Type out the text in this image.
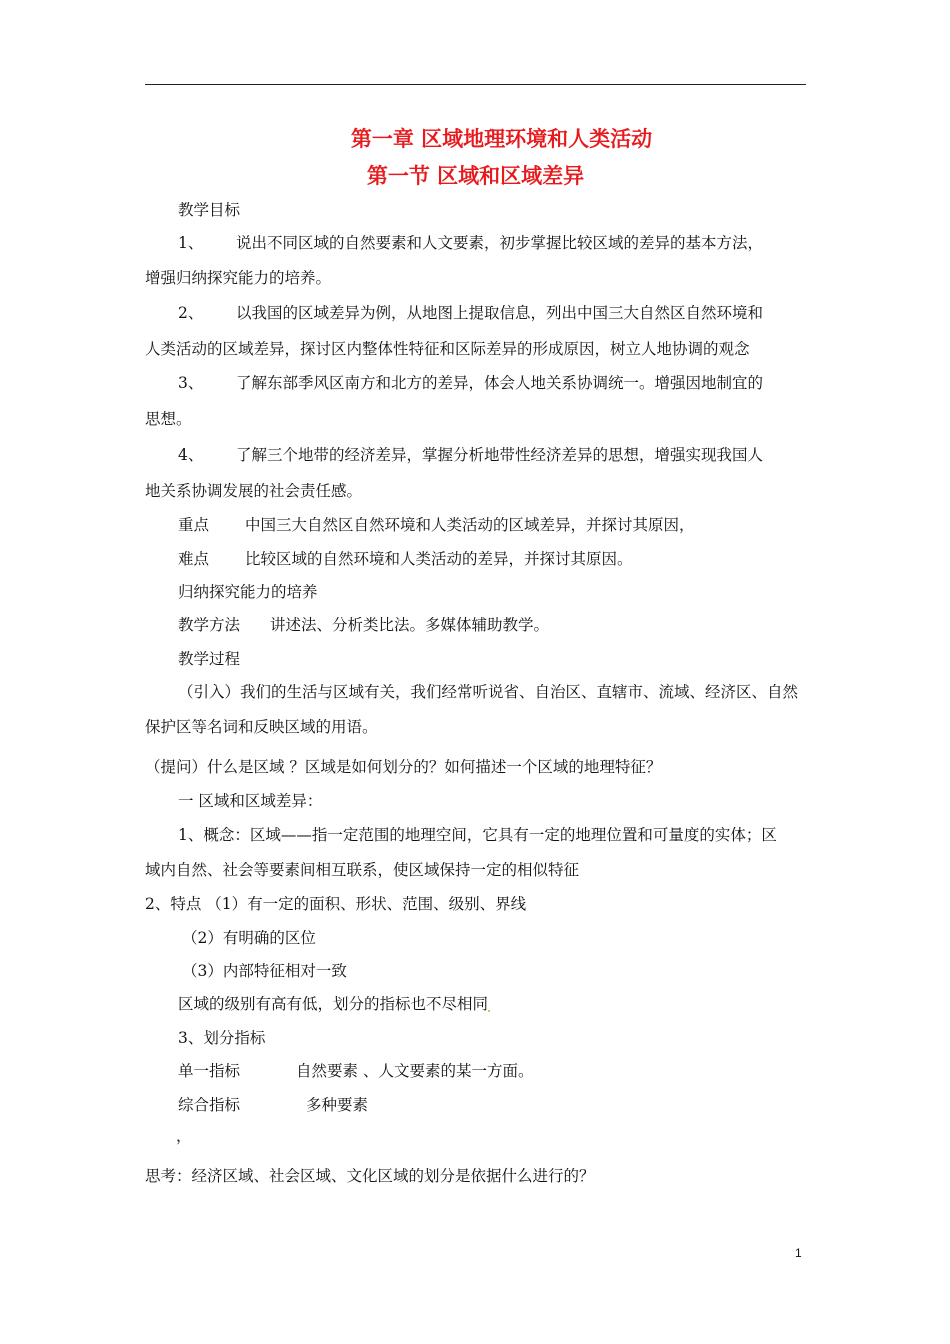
第一章 区域地理环境和人类活动
第一节 区域和区域差异
教学目标
1、 说出不同区域的自然要素和人文要素，初步掌握比较区域的差异的基本方法，
增强归纳探究能力的培养。
2、 以我国的区域差异为例，从地图上提取信息，列出中国三大自然区自然环境和
人类活动的区域差异，探讨区内整体性特征和区际差异的形成原因，树立人地协调的观念
3、 了解东部季风区南方和北方的差异，体会人地关系协调统一。增强因地制宜的
思想。
4、 了解三个地带的经济差异，掌握分析地带性经济差异的思想，增强实现我国人
地关系协调发展的社会责任感。
重点 中国三大自然区自然环境和人类活动的区域差异，并探讨其原因，
难点 比较区域的自然环境和人类活动的差异，并探讨其原因。
归纳探究能力的培养
教学方法 讲述法、分析类比法。多媒体辅助教学。
教学过程
（引入）我们的生活与区域有关，我们经常听说省、自治区、直辖市、流域、经济区、自然
保护区等名词和反映区域的用语。
（提问）什么是区域 ？区域是如何划分的？如何描述一个区域的地理特征？
一 区域和区域差异：
1、概念：区域——指一定范围的地理空间，它具有一定的地理位置和可量度的实体；区
域内自然、社会等要素间相互联系，使区域保持一定的相似特征
2、特点 （1）有一定的面积、形状、范围、级别、界线
（2）有明确的区位
（3）内部特征相对一致
区域的级别有高有低，划分的指标也不尽相同
3、划分指标
单一指标	自然要素 、人文要素的某一方面。
综合指标	多种要素
，
思考：经济区域、社会区域、文化区域的划分是依据什么进行的？
1
